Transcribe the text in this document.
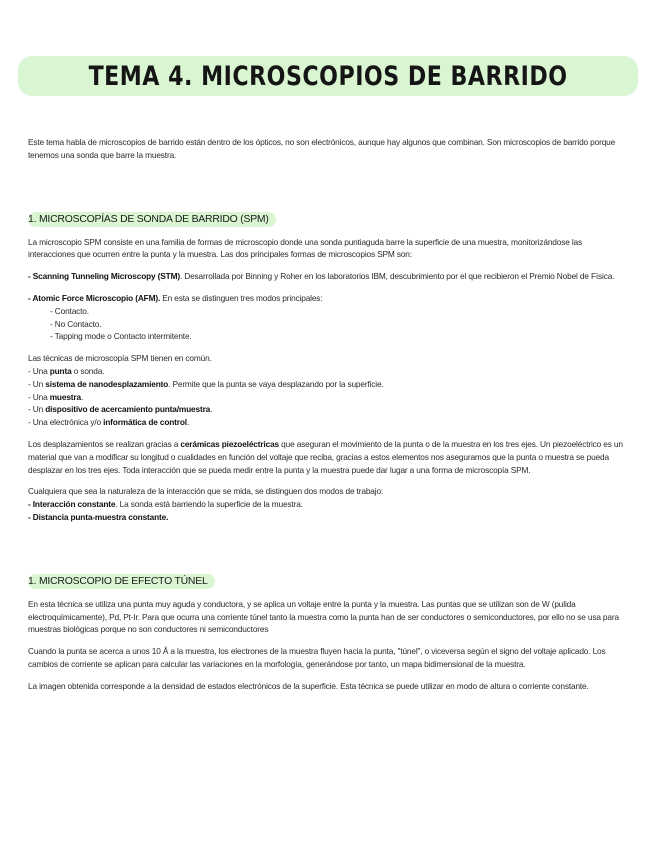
TEMA 4. MICROSCOPIOS DE BARRIDO

Este tema habla de microscopios de barrido están dentro de los ópticos, no son electrónicos, aunque hay algunos que combinan. Son microscopios de barrido porque tenemos una sonda que barre la muestra.

1. MICROSCOPÍAS DE SONDA DE BARRIDO (SPM)

La microscopio SPM consiste en una familia de formas de microscopio donde una sonda puntiaguda barre la superficie de una muestra, monitorizándose las interacciones que ocurren entre la punta y la muestra. Las dos principales formas de microscopios SPM son:

- Scanning Tunneling Microscopy (STM). Desarrollada por Binning y Roher en los laboratorios IBM, descubrimiento por el que recibieron el Premio Nobel de Física.

- Atomic Force Microscopio (AFM). En esta se distinguen tres modos principales:

- Contacto.
- No Contacto.
- Tapping mode o Contacto intermitente.

Las técnicas de microscopía SPM tienen en común.

- Una punta o sonda.
- Un sistema de nanodesplazamiento. Permite que la punta se vaya desplazando por la superficie.
- Una muestra.
- Un dispositivo de acercamiento punta/muestra.
- Una electrónica y/o informática de control.

Los desplazamientos se realizan gracias a cerámicas piezoeléctricas que aseguran el movimiento de la punta o de la muestra en los tres ejes. Un piezoeléctrico es un material que van a modificar su longitud o cualidades en función del voltaje que reciba, gracias a estos elementos nos aseguramos que la punta o muestra se pueda desplazar en los tres ejes. Toda interacción que se pueda medir entre la punta y la muestra puede dar lugar a una forma de microscopía SPM.

Cualquiera que sea la naturaleza de la interacción que se mida, se distinguen dos modos de trabajo:

- Interacción constante. La sonda está barriendo la superficie de la muestra.
- Distancia punta-muestra constante.
1. MICROSCOPIO DE EFECTO TÚNEL

En esta técnica se utiliza una punta muy aguda y conductora, y se aplica un voltaje entre la punta y la muestra. Las puntas que se utilizan son de W (pulida electroquímicamente), Pd, Pt-Ir. Para que ocurra una corriente túnel tanto la muestra como la punta han de ser conductores o semiconductores, por ello no se usa para muestras biológicas porque no son conductores ni semiconductores

Cuando la punta se acerca a unos 10 Å a la muestra, los electrones de la muestra fluyen hacia la punta, "túnel", o viceversa según el signo del voltaje aplicado. Los cambios de corriente se aplican para calcular las variaciones en la morfología, generándose por tanto, un mapa bidimensional de la muestra.

La imagen obtenida corresponde a la densidad de estados electrónicos de la superficie. Esta técnica se puede utilizar en modo de altura o corriente constante.
